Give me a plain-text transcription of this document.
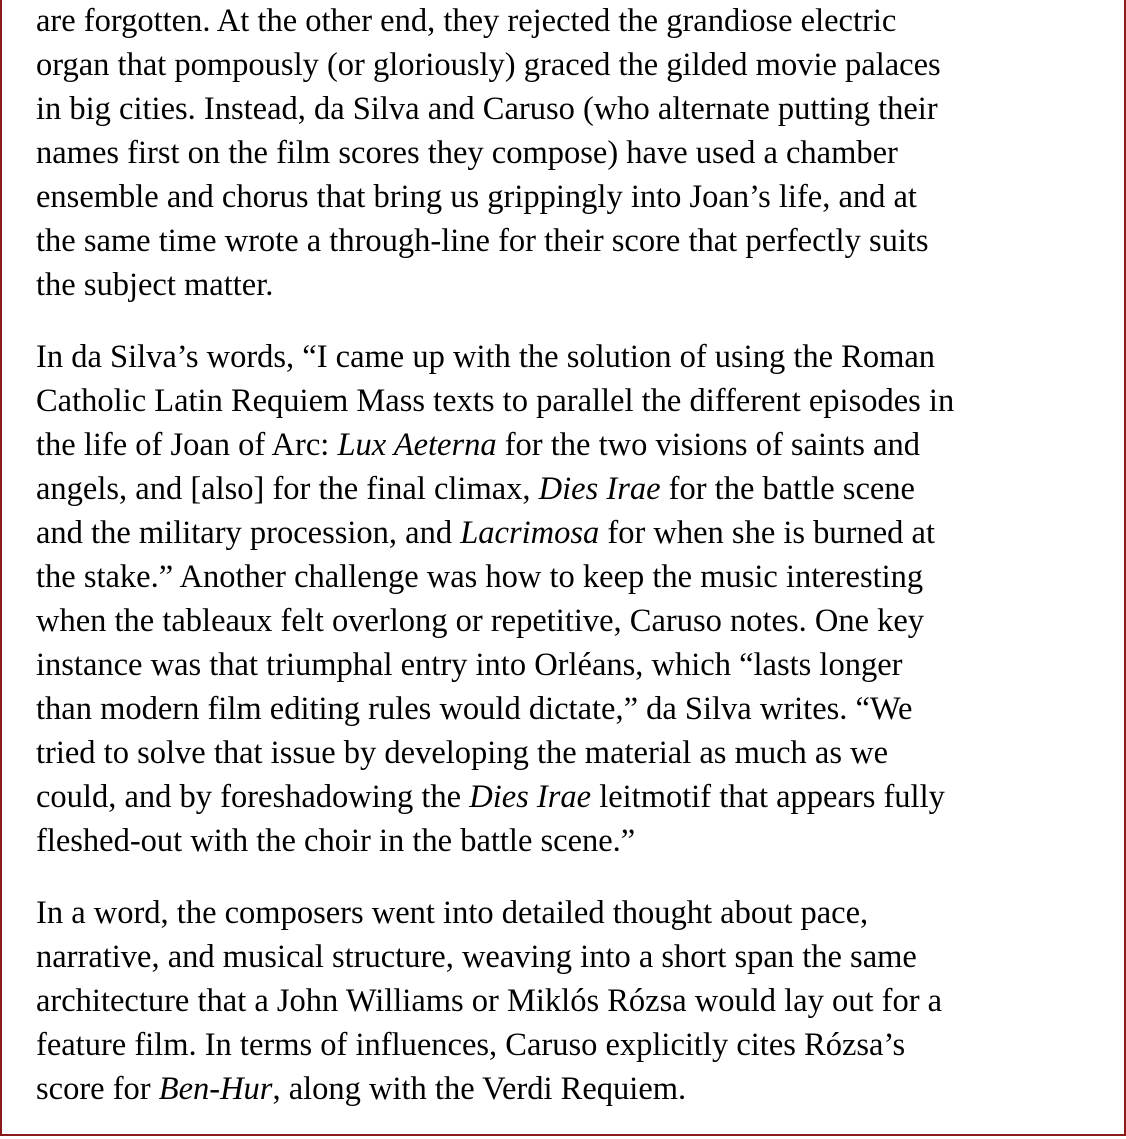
are forgotten. At the other end, they rejected the grandiose electric
organ that pompously (or gloriously) graced the gilded movie palaces
in big cities. Instead, da Silva and Caruso (who alternate putting their
names first on the film scores they compose) have used a chamber
ensemble and chorus that bring us grippingly into Joan’s life, and at
the same time wrote a through-line for their score that perfectly suits
the subject matter.

In da Silva’s words, “I came up with the solution of using the Roman
Catholic Latin Requiem Mass texts to parallel the different episodes in
the life of Joan of Arc: Lux Aeterna for the two visions of saints and
angels, and [also] for the final climax, Dies Irae for the battle scene
and the military procession, and Lacrimosa for when she is burned at
the stake.” Another challenge was how to keep the music interesting
when the tableaux felt overlong or repetitive, Caruso notes. One key
instance was that triumphal entry into Orléans, which “lasts longer
than modern film editing rules would dictate,” da Silva writes. “We
tried to solve that issue by developing the material as much as we
could, and by foreshadowing the Dies Irae leitmotif that appears fully
fleshed-out with the choir in the battle scene.”

In a word, the composers went into detailed thought about pace,
narrative, and musical structure, weaving into a short span the same
architecture that a John Williams or Miklós Rózsa would lay out for a
feature film. In terms of influences, Caruso explicitly cites Rózsa’s
score for Ben-Hur, along with the Verdi Requiem.
